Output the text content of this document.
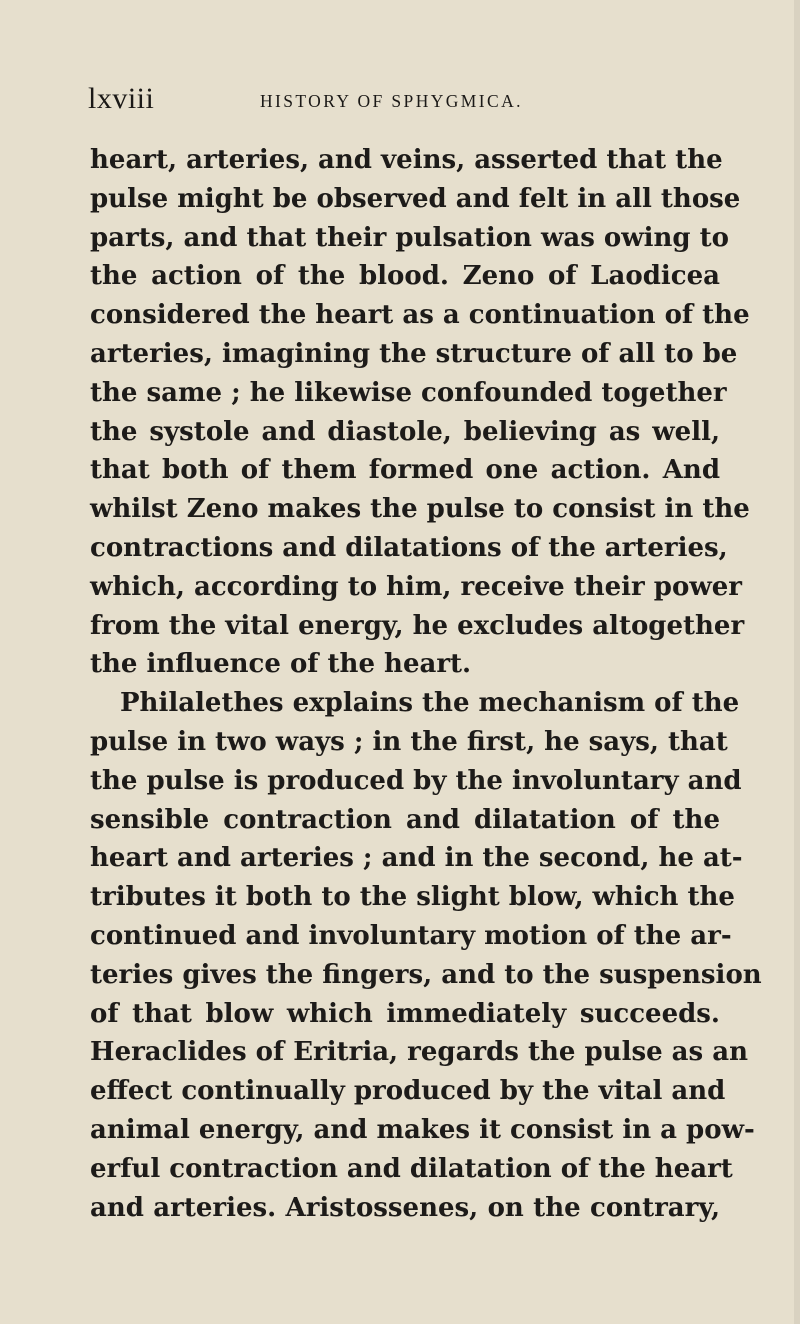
lxviii	HISTORY OF SPHYGMICA.
heart, arteries, and veins, asserted that the
pulse might be observed and felt in all those
parts, and that their pulsation was owing to
the action of the blood. Zeno of Laodicea
considered the heart as a continuation of the
arteries, imagining the structure of all to be
the same ; he likewise confounded together
the systole and diastole, believing as well,
that both of them formed one action. And
whilst Zeno makes the pulse to consist in the
contractions and dilatations of the arteries,
which, according to him, receive their power
from the vital energy, he excludes altogether
the influence of the heart.
Philalethes explains the mechanism of the
pulse in two ways ; in the first, he says, that
the pulse is produced by the involuntary and
sensible contraction and dilatation of the
heart and arteries ; and in the second, he at-
tributes it both to the slight blow, which the
continued and involuntary motion of the ar-
teries gives the fingers, and to the suspension
of that blow which immediately succeeds.
Heraclides of Eritria, regards the pulse as an
effect continually produced by the vital and
animal energy, and makes it consist in a pow-
erful contraction and dilatation of the heart
and arteries. Aristossenes, on the contrary,
